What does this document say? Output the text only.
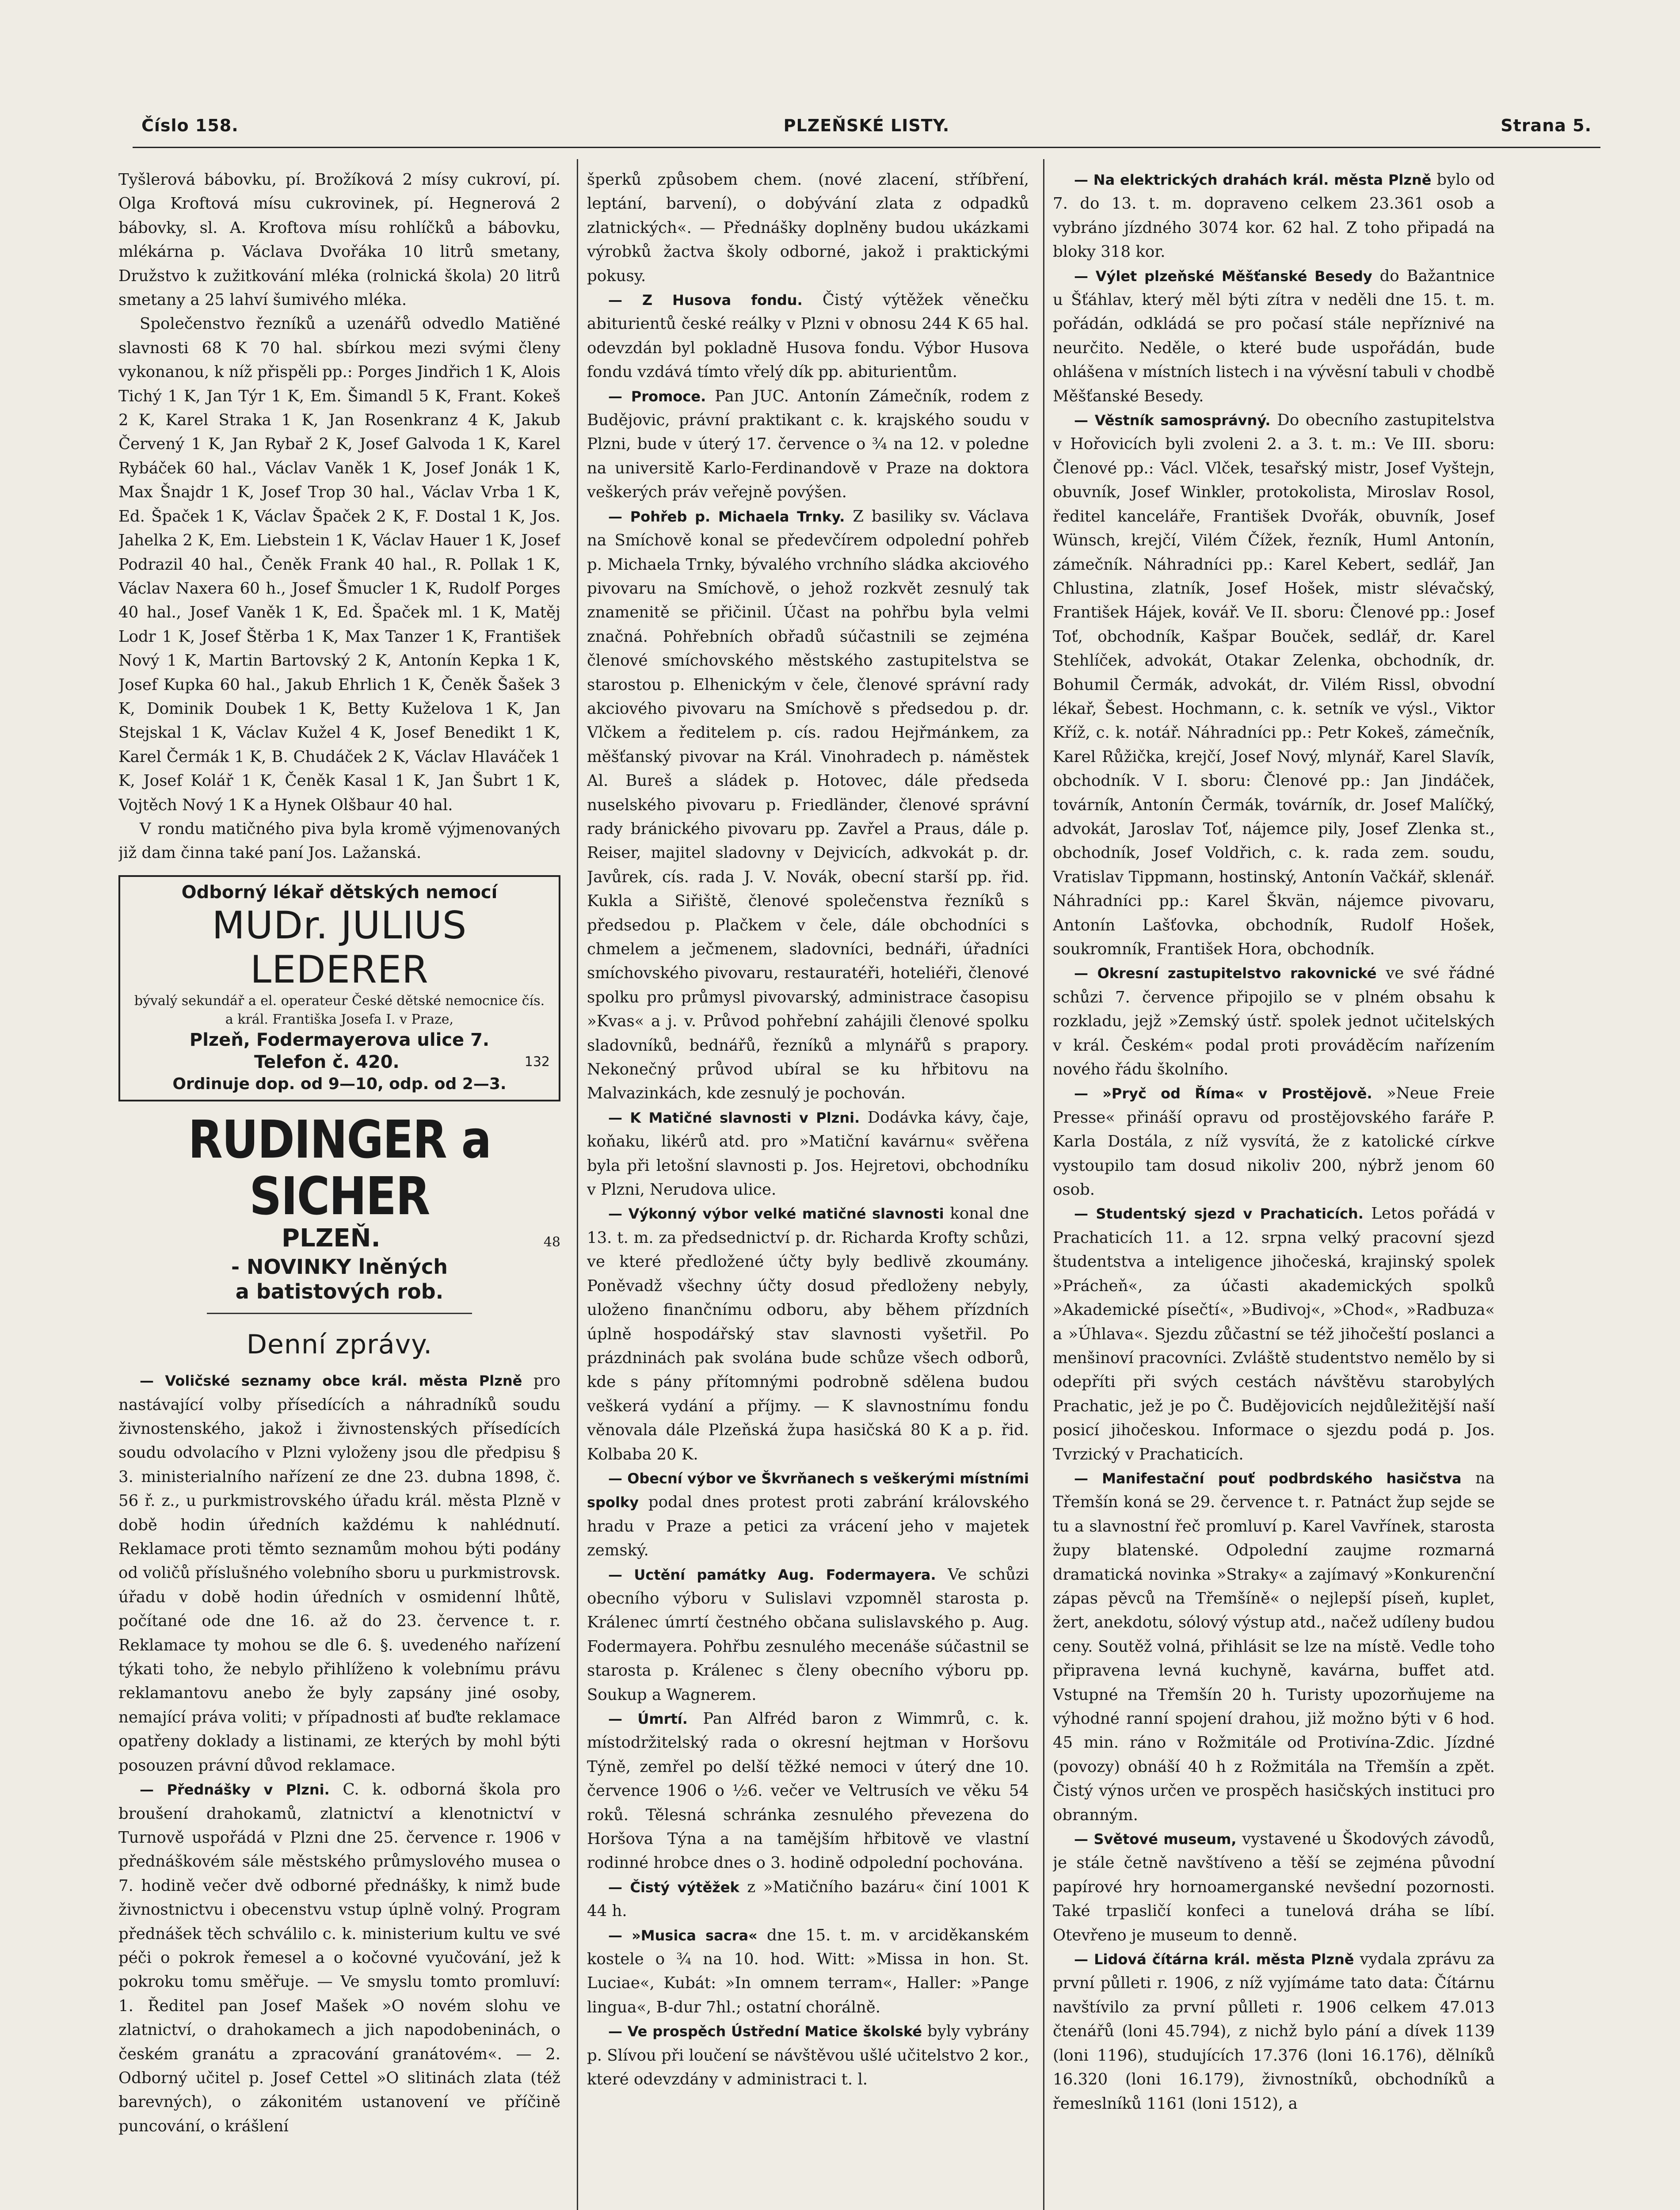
Číslo 158.	PLZEŇSKÉ LISTY.	Strana 5.

Tyšlerová bábovku, pí. Brožíková 2 mísy cukroví, pí. Olga Kroftová mísu cukrovinek, pí. Hegnerová 2 bábovky, sl. A. Kroftova mísu rohlíčků a bábovku, mlékárna p. Václava Dvořáka 10 litrů smetany, Družstvo k zužitkování mléka (rolnická škola) 20 litrů smetany a 25 lahví šumivého mléka.

Společenstvo řezníků a uzenářů odvedlo Matiěné slavnosti 68 K 70 hal. sbírkou mezi svými členy vykonanou, k níž přispěli pp.: Porges Jindřich 1 K, Alois Tichý 1 K, Jan Týr 1 K, Em. Šimandl 5 K, Frant. Kokeš 2 K, Karel Straka 1 K, Jan Rosenkranz 4 K, Jakub Červený 1 K, Jan Rybař 2 K, Josef Galvoda 1 K, Karel Rybáček 60 hal., Václav Vaněk 1 K, Josef Jonák 1 K, Max Šnajdr 1 K, Josef Trop 30 hal., Václav Vrba 1 K, Ed. Špaček 1 K, Václav Špaček 2 K, F. Dostal 1 K, Jos. Jahelka 2 K, Em. Liebstein 1 K, Václav Hauer 1 K, Josef Podrazil 40 hal., Čeněk Frank 40 hal., R. Pollak 1 K, Václav Naxera 60 h., Josef Šmucler 1 K, Rudolf Porges 40 hal., Josef Vaněk 1 K, Ed. Špaček ml. 1 K, Matěj Lodr 1 K, Josef Štěrba 1 K, Max Tanzer 1 K, František Nový 1 K, Martin Bartovský 2 K, Antonín Kepka 1 K, Josef Kupka 60 hal., Jakub Ehrlich 1 K, Čeněk Šašek 3 K, Dominik Doubek 1 K, Betty Kuželova 1 K, Jan Stejskal 1 K, Václav Kužel 4 K, Josef Benedikt 1 K, Karel Čermák 1 K, B. Chudáček 2 K, Václav Hlaváček 1 K, Josef Kolář 1 K, Čeněk Kasal 1 K, Jan Šubrt 1 K, Vojtěch Nový 1 K a Hynek Olšbaur 40 hal.

V rondu matičného piva byla kromě výjmenovaných již dam činna také paní Jos. Lažanská.

Odborný lékař dětských nemocí
MUDr. JULIUS LEDERER
bývalý sekundář a el. operateur České dětské nemocnice čís. a král. Františka Josefa I. v Praze,
Plzeň, Fodermayerova ulice 7.
Telefon č. 420.	132
Ordinuje dop. od 9—10, odp. od 2—3.
RUDINGER a SICHER
PLZEŇ.	48
- NOVINKY lněných
a batistových rob.
Denní zprávy.

— Voličské seznamy obce král. města Plzně pro nastávající volby přísedících a náhradníků soudu živnostenského, jakož i živnostenských přísedících soudu odvolacího v Plzni vyloženy jsou dle předpisu § 3. ministerialního nařízení ze dne 23. dubna 1898, č. 56 ř. z., u purkmistrovského úřadu král. města Plzně v době hodin úředních každému k nahlédnutí. Reklamace proti těmto seznamům mohou býti podány od voličů příslušného volebního sboru u purkmistrovsk. úřadu v době hodin úředních v osmidenní lhůtě, počítané ode dne 16. až do 23. července t. r. Reklamace ty mohou se dle 6. §. uvedeného nařízení týkati toho, že nebylo přihlíženo k volebnímu právu reklamantovu anebo že byly zapsány jiné osoby, nemající práva voliti; v případnosti ať buďte reklamace opatřeny doklady a listinami, ze kterých by mohl býti posouzen právní důvod reklamace.

— Přednášky v Plzni. C. k. odborná škola pro broušení drahokamů, zlatnictví a klenotnictví v Turnově uspořádá v Plzni dne 25. července r. 1906 v přednáškovém sále městského průmyslového musea o 7. hodině večer dvě odborné přednášky, k nimž bude živnostnictvu i obecenstvu vstup úplně volný. Program přednášek těch schválilo c. k. ministerium kultu ve své péči o pokrok řemesel a o kočovné vyučování, jež k pokroku tomu směřuje. — Ve smyslu tomto promluví: 1. Ředitel pan Josef Mašek »O novém slohu ve zlatnictví, o drahokamech a jich napodobeninách, o českém granátu a zpracování granátovém«. — 2. Odborný učitel p. Josef Cettel »O slitinách zlata (též barevných), o zákonitém ustanovení ve příčině puncování, o krášlení

šperků způsobem chem. (nové zlacení, stříbření, leptání, barvení), o dobývání zlata z odpadků zlatnických«. — Přednášky doplněny budou ukázkami výrobků žactva školy odborné, jakož i praktickými pokusy.

— Z Husova fondu. Čistý výtěžek věnečku abiturientů české reálky v Plzni v obnosu 244 K 65 hal. odevzdán byl pokladně Husova fondu. Výbor Husova fondu vzdává tímto vřelý dík pp. abiturientům.

— Promoce. Pan JUC. Antonín Zámečník, rodem z Budějovic, právní praktikant c. k. krajského soudu v Plzni, bude v úterý 17. července o ¾ na 12. v poledne na universitě Karlo-Ferdinandově v Praze na doktora veškerých práv veřejně povýšen.

— Pohřeb p. Michaela Trnky. Z basiliky sv. Václava na Smíchově konal se předevčírem odpolední pohřeb p. Michaela Trnky, bývalého vrchního sládka akciového pivovaru na Smíchově, o jehož rozkvět zesnulý tak znamenitě se přičinil. Účast na pohřbu byla velmi značná. Pohřebních obřadů súčastnili se zejména členové smíchovského městského zastupitelstva se starostou p. Elhenickým v čele, členové správní rady akciového pivovaru na Smíchově s předsedou p. dr. Vlčkem a ředitelem p. cís. radou Hejřmánkem, za měšťanský pivovar na Král. Vinohradech p. náměstek Al. Bureš a sládek p. Hotovec, dále předseda nuselského pivovaru p. Friedländer, členové správní rady bránického pivovaru pp. Zavřel a Praus, dále p. Reiser, majitel sladovny v Dejvicích, adkvokát p. dr. Javůrek, cís. rada J. V. Novák, obecní starší pp. řid. Kukla a Siřiště, členové společenstva řezníků s předsedou p. Plačkem v čele, dále obchodníci s chmelem a ječmenem, sladovníci, bednáři, úřadníci smíchovského pivovaru, restauratéři, hoteliéři, členové spolku pro průmysl pivovarský, administrace časopisu »Kvas« a j. v. Průvod pohřební zahájili členové spolku sladovníků, bednářů, řezníků a mlynářů s prapory. Nekonečný průvod ubíral se ku hřbitovu na Malvazinkách, kde zesnulý je pochován.

— K Matičné slavnosti v Plzni. Dodávka kávy, čaje, koňaku, likérů atd. pro »Matiční kavárnu« svěřena byla při letošní slavnosti p. Jos. Hejretovi, obchodníku v Plzni, Nerudova ulice.

— Výkonný výbor velké matičné slavnosti konal dne 13. t. m. za předsednictví p. dr. Richarda Krofty schůzi, ve které předložené účty byly bedlivě zkoumány. Poněvadž všechny účty dosud předloženy nebyly, uloženo finančnímu odboru, aby během přízdních úplně hospodářský stav slavnosti vyšetřil. Po prázdninách pak svolána bude schůze všech odborů, kde s pány přítomnými podrobně sdělena budou veškerá vydání a příjmy. — K slavnostnímu fondu věnovala dále Plzeňská župa hasičská 80 K a p. řid. Kolbaba 20 K.

— Obecní výbor ve Škvrňanech s veškerými místními spolky podal dnes protest proti zabrání královského hradu v Praze a petici za vrácení jeho v majetek zemský.

— Uctění památky Aug. Fodermayera. Ve schůzi obecního výboru v Sulislavi vzpomněl starosta p. Králenec úmrtí čestného občana sulislavského p. Aug. Fodermayera. Pohřbu zesnulého mecenáše súčastnil se starosta p. Králenec s členy obecního výboru pp. Soukup a Wagnerem.

— Úmrtí. Pan Alfréd baron z Wimmrů, c. k. místodržitelský rada o okresní hejtman v Horšovu Týně, zemřel po delší těžké nemoci v úterý dne 10. července 1906 o ½6. večer ve Veltrusích ve věku 54 roků. Tělesná schránka zesnulého převezena do Horšova Týna a na tamějším hřbitově ve vlastní rodinné hrobce dnes o 3. hodině odpolední pochována.

— Čistý výtěžek z »Matičního bazáru« činí 1001 K 44 h.

— »Musica sacra« dne 15. t. m. v arciděkanském kostele o ¾ na 10. hod. Witt: »Missa in hon. St. Luciae«, Kubát: »In omnem terram«, Haller: »Pange lingua«, B-dur 7hl.; ostatní chorálně.

— Ve prospěch Ústřední Matice školské byly vybrány p. Slívou při loučení se návštěvou ušlé učitelstvo 2 kor., které odevzdány v administraci t. l.

— Na elektrických drahách král. města Plzně bylo od 7. do 13. t. m. dopraveno celkem 23.361 osob a vybráno jízdného 3074 kor. 62 hal. Z toho připadá na bloky 318 kor.

— Výlet plzeňské Měšťanské Besedy do Bažantnice u Šťáhlav, který měl býti zítra v neděli dne 15. t. m. pořádán, odkládá se pro počasí stále nepříznivé na neurčito. Neděle, o které bude uspořádán, bude ohlášena v místních listech i na vývěsní tabuli v chodbě Měšťanské Besedy.

— Věstník samosprávný. Do obecního zastupitelstva v Hořovicích byli zvoleni 2. a 3. t. m.: Ve III. sboru: Členové pp.: Václ. Vlček, tesařský mistr, Josef Vyštejn, obuvník, Josef Winkler, protokolista, Miroslav Rosol, ředitel kanceláře, František Dvořák, obuvník, Josef Wünsch, krejčí, Vilém Čížek, řezník, Huml Antonín, zámečník. Náhradníci pp.: Karel Kebert, sedlář, Jan Chlustina, zlatník, Josef Hošek, mistr slévačský, František Hájek, kovář. Ve II. sboru: Členové pp.: Josef Toť, obchodník, Kašpar Bouček, sedlář, dr. Karel Stehlíček, advokát, Otakar Zelenka, obchodník, dr. Bohumil Čermák, advokát, dr. Vilém Rissl, obvodní lékař, Šebest. Hochmann, c. k. setník ve výsl., Viktor Kříž, c. k. notář. Náhradníci pp.: Petr Kokeš, zámečník, Karel Růžička, krejčí, Josef Nový, mlynář, Karel Slavík, obchodník. V I. sboru: Členové pp.: Jan Jindáček, továrník, Antonín Čermák, továrník, dr. Josef Malíčký, advokát, Jaroslav Toť, nájemce pily, Josef Zlenka st., obchodník, Josef Voldřich, c. k. rada zem. soudu, Vratislav Tippmann, hostinský, Antonín Vačkář, sklenář. Náhradníci pp.: Karel Škvän, nájemce pivovaru, Antonín Lašťovka, obchodník, Rudolf Hošek, soukromník, František Hora, obchodník.

— Okresní zastupitelstvo rakovnické ve své řádné schůzi 7. července připojilo se v plném obsahu k rozkladu, jejž »Zemský ústř. spolek jednot učitelských v král. Českém« podal proti prováděcím nařízením nového řádu školního.

— »Pryč od Říma« v Prostějově. »Neue Freie Presse« přináší opravu od prostějovského faráře P. Karla Dostála, z níž vysvítá, že z katolické církve vystoupilo tam dosud nikoliv 200, nýbrž jenom 60 osob.

— Studentský sjezd v Prachaticích. Letos pořádá v Prachaticích 11. a 12. srpna velký pracovní sjezd študentstva a inteligence jihočeská, krajinský spolek »Prácheň«, za účasti akademických spolků »Akademické písečtí«, »Budivoj«, »Chod«, »Radbuza« a »Úhlava«. Sjezdu zůčastní se též jihočeští poslanci a menšinoví pracovníci. Zvláště studentstvo nemělo by si odepříti při svých cestách návštěvu starobylých Prachatic, jež je po Č. Budějovicích nejdůležitější naší posicí jihočeskou. Informace o sjezdu podá p. Jos. Tvrzický v Prachaticích.

— Manifestační pouť podbrdského hasičstva na Třemšín koná se 29. července t. r. Patnáct žup sejde se tu a slavnostní řeč promluví p. Karel Vavřínek, starosta župy blatenské. Odpolední zaujme rozmarná dramatická novinka »Straky« a zajímavý »Konkurenční zápas pěvců na Třemšíně« o nejlepší píseň, kuplet, žert, anekdotu, sólový výstup atd., načež udíleny budou ceny. Soutěž volná, přihlásit se lze na místě. Vedle toho připravena levná kuchyně, kavárna, buffet atd. Vstupné na Třemšín 20 h. Turisty upozorňujeme na výhodné ranní spojení drahou, již možno býti v 6 hod. 45 min. ráno v Rožmitále od Protivína-Zdic. Jízdné (povozy) obnáší 40 h z Rožmitála na Třemšín a zpět. Čistý výnos určen ve prospěch hasičských instituci pro obranným.

— Světové museum, vystavené u Škodových závodů, je stále četně navštíveno a těší se zejména původní papírové hry hornoamerganské nevšední pozornosti. Také trpasličí konfeci a tunelová dráha se líbí. Otevřeno je museum to denně.

— Lidová čítárna král. města Plzně vydala zprávu za první půlleti r. 1906, z níž vyjímáme tato data: Čítárnu navštívilo za první půlleti r. 1906 celkem 47.013 čtenářů (loni 45.794), z nichž bylo pání a dívek 1139 (loni 1196), studujících 17.376 (loni 16.176), dělníků 16.320 (loni 16.179), živnostníků, obchodníků a řemeslníků 1161 (loni 1512), a
